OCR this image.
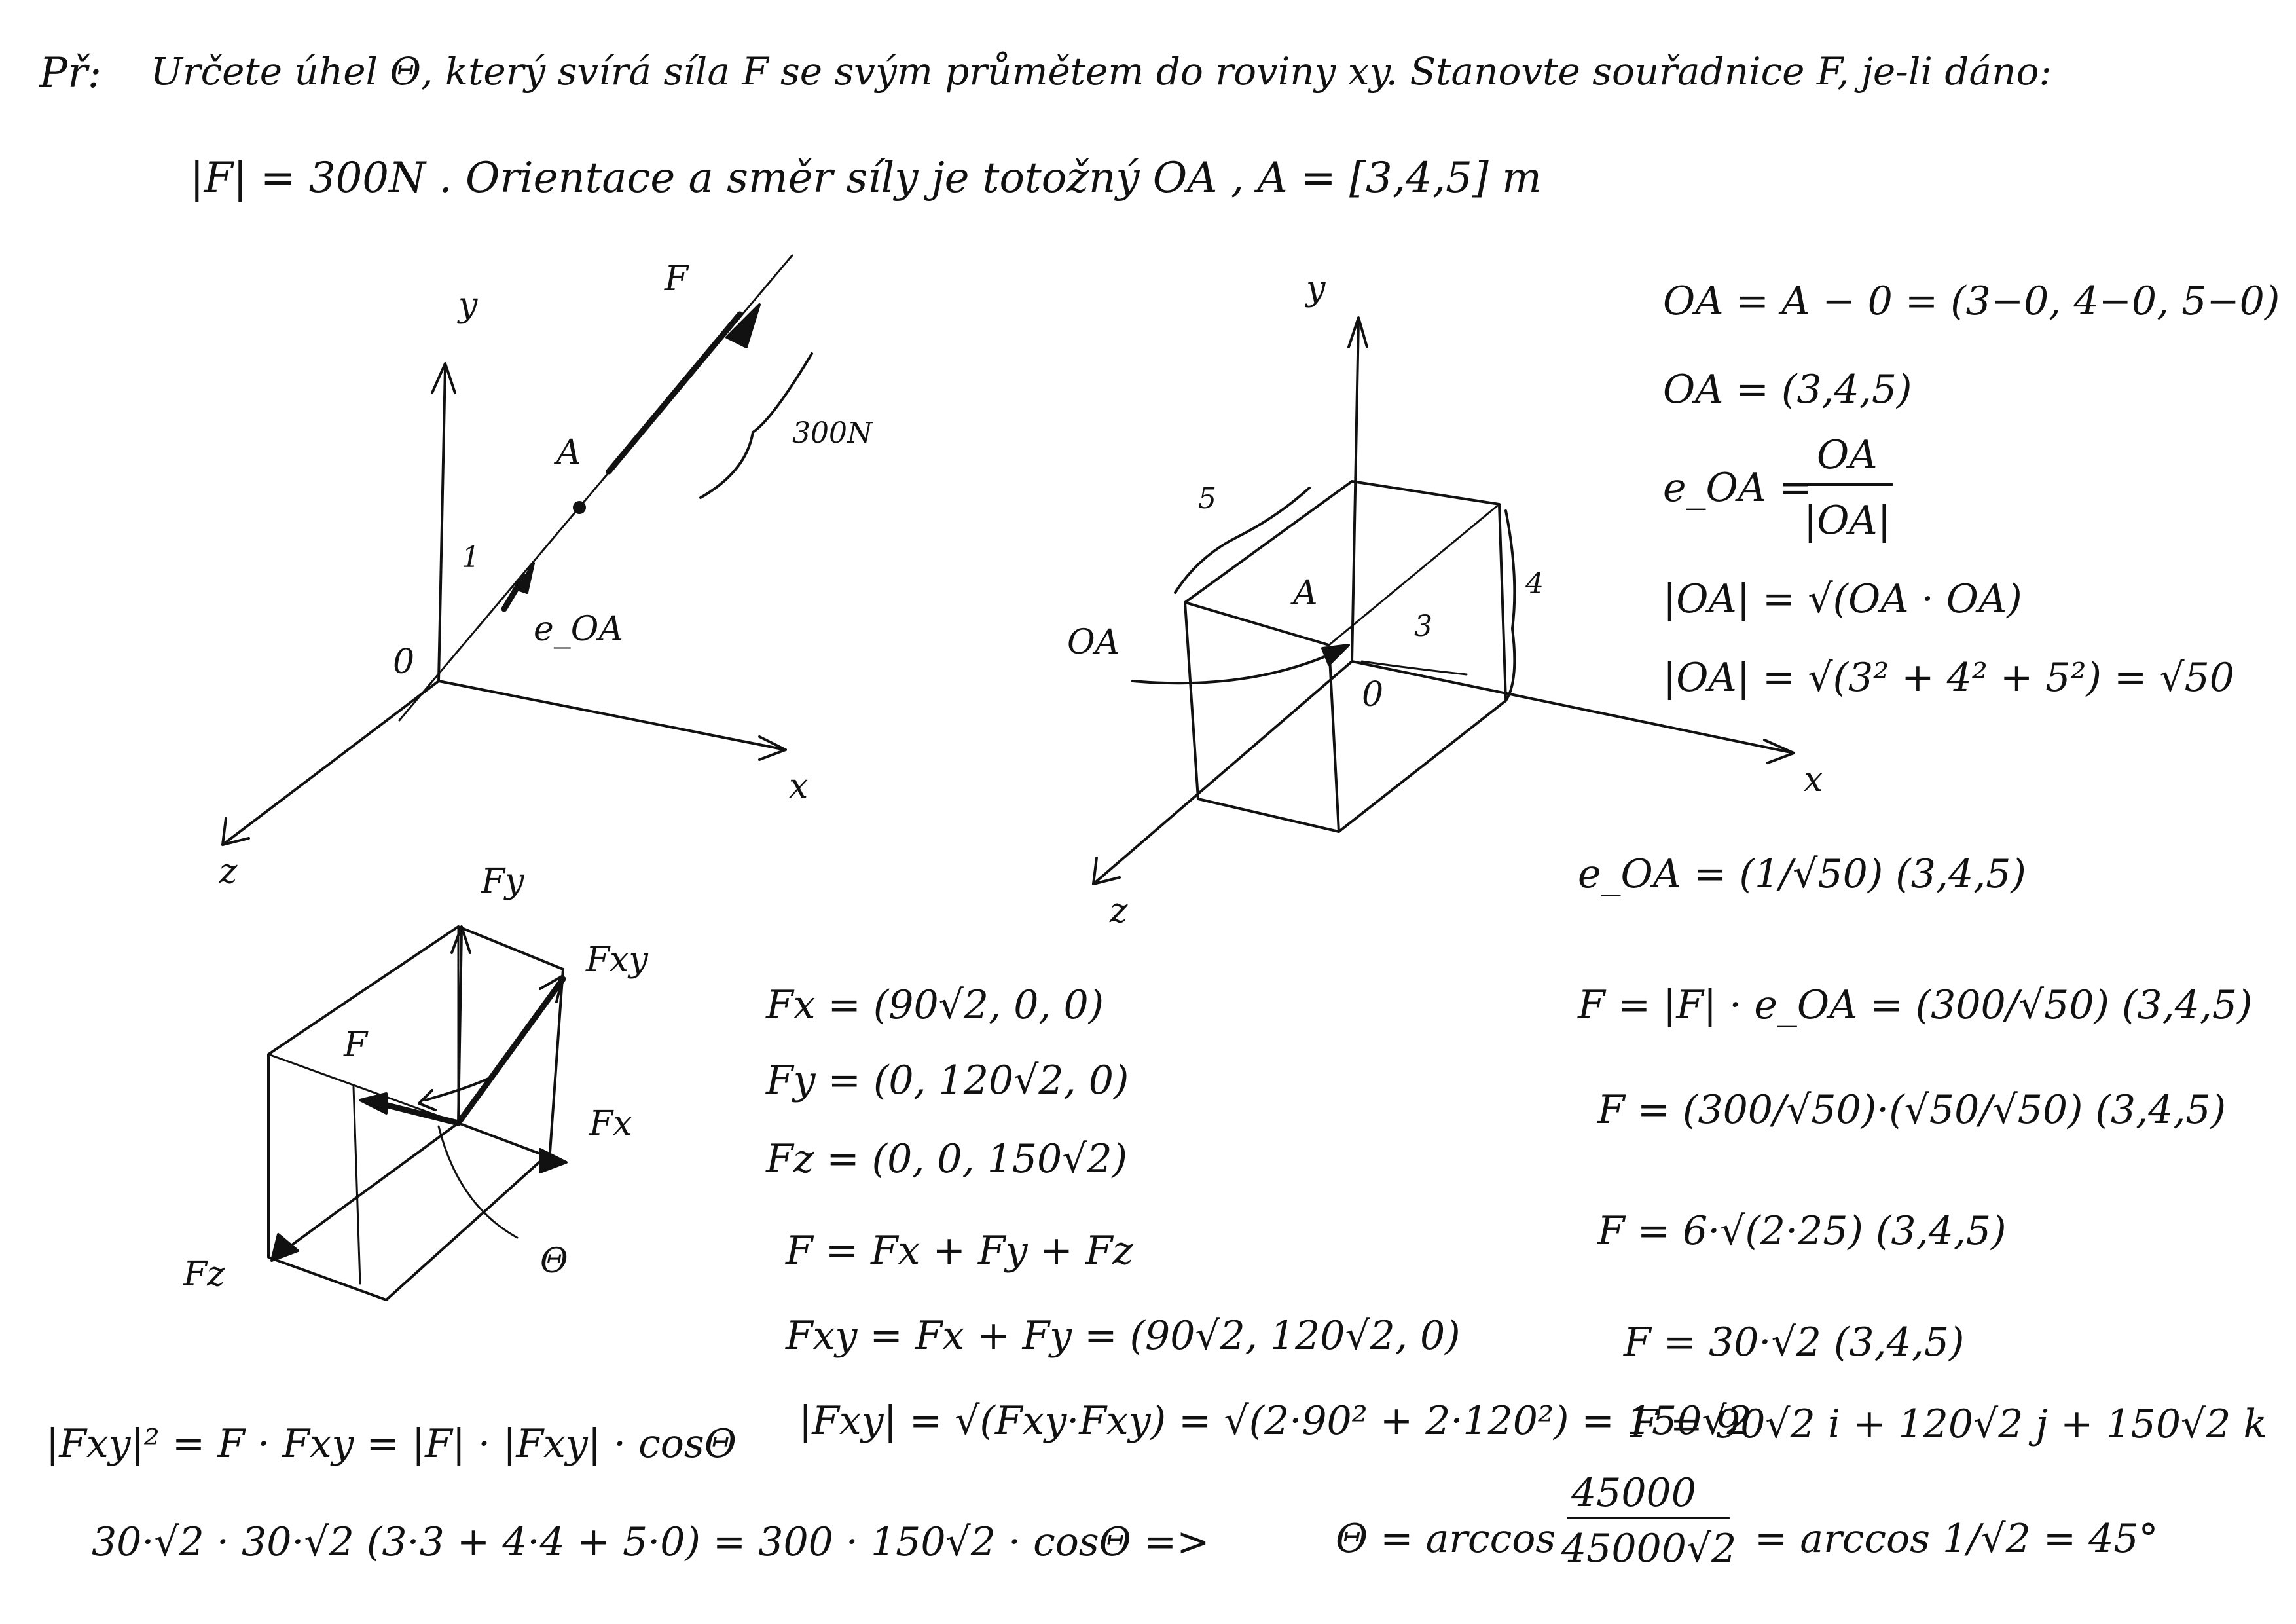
Př: Určete úhel Θ, který svírá síla F se svým průmětem do roviny xy. Stanovte souřadnice F, je-li dáno:
|F| = 300N . Orientace a směr síly je totožný OA , A = [3,4,5] m
y
x
z
0
F
A	300N
1
e_OA
y
x
z
0
A
OA	3
4
5
Fy
Fxy
F
Fx
Fz	Θ
OA = A − 0 = (3−0, 4−0, 5−0)
OA = (3,4,5)
e_OA =
OA
|OA|
|OA| = √(OA · OA)
|OA| = √(3² + 4² + 5²) = √50
e_OA = (1/√50) (3,4,5)
F = |F| · e_OA = (300/√50) (3,4,5)
F = (300/√50)·(√50/√50) (3,4,5)
F = 6·√(2·25) (3,4,5)
F = 30·√2 (3,4,5)
F = 90√2 i + 120√2 j + 150√2 k
Fx = (90√2, 0, 0)
Fy = (0, 120√2, 0)
Fz = (0, 0, 150√2)
F = Fx + Fy + Fz
Fxy = Fx + Fy = (90√2, 120√2, 0)
|Fxy| = √(Fxy·Fxy) = √(2·90² + 2·120²) = 150√2
|Fxy|² = F · Fxy = |F| · |Fxy| · cosΘ
30·√2 · 30·√2 (3·3 + 4·4 + 5·0) = 300 · 150√2 · cosΘ =>	Θ = arccos
45000
45000√2 = arccos 1/√2 = 45°
